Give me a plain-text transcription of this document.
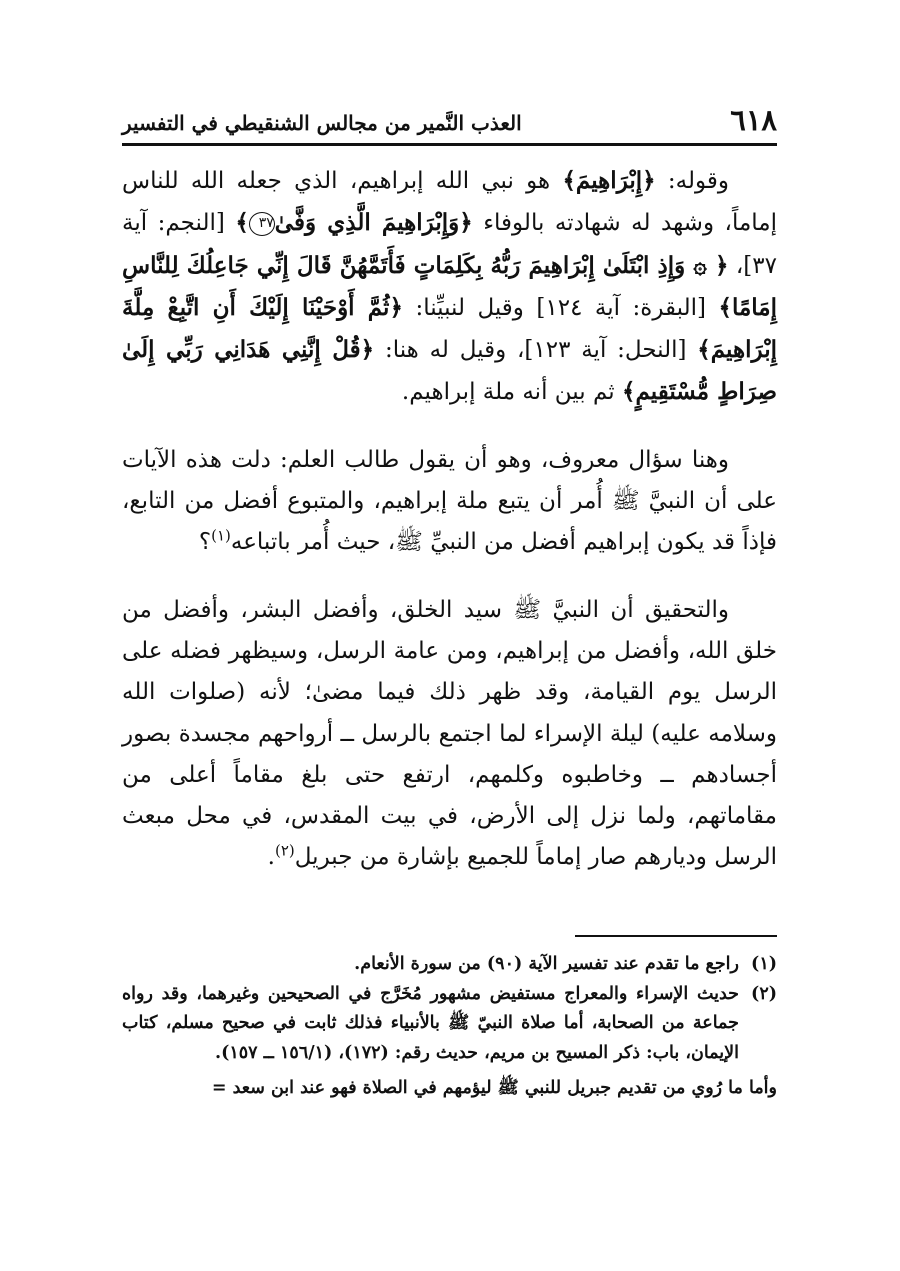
٦١٨
العذب النَّمير من مجالس الشنقيطي في التفسير

وقوله: ﴿إِبْرَاهِيمَ﴾ هو نبي الله إبراهيم، الذي جعله الله للناس إماماً، وشهد له شهادته بالوفاء ﴿وَإِبْرَاهِيمَ الَّذِي وَفَّىٰ٣٧﴾ [النجم: آية ٣٧]، ﴿ ۞ وَإِذِ ابْتَلَىٰ إِبْرَاهِيمَ رَبُّهُ بِكَلِمَاتٍ فَأَتَمَّهُنَّ قَالَ إِنِّي جَاعِلُكَ لِلنَّاسِ إِمَامًا﴾ [البقرة: آية ١٢٤] وقيل لنبيِّنا: ﴿ثُمَّ أَوْحَيْنَا إِلَيْكَ أَنِ اتَّبِعْ مِلَّةَ إِبْرَاهِيمَ﴾ [النحل: آية ١٢٣]، وقيل له هنا: ﴿قُلْ إِنَّنِي هَدَانِي رَبِّي إِلَىٰ صِرَاطٍ مُّسْتَقِيمٍ﴾ ثم بين أنه ملة إبراهيم.

وهنا سؤال معروف، وهو أن يقول طالب العلم: دلت هذه الآيات على أن النبيَّ ﷺ أُمر أن يتبع ملة إبراهيم، والمتبوع أفضل من التابع، فإذاً قد يكون إبراهيم أفضل من النبيِّ ﷺ، حيث أُمر باتباعه$^{(١)}$؟

والتحقيق أن النبيَّ ﷺ سيد الخلق، وأفضل البشر، وأفضل من خلق الله، وأفضل من إبراهيم، ومن عامة الرسل، وسيظهر فضله على الرسل يوم القيامة، وقد ظهر ذلك فيما مضىٰ؛ لأنه (صلوات الله وسلامه عليه) ليلة الإسراء لما اجتمع بالرسل ــ أرواحهم مجسدة بصور أجسادهم ــ وخاطبوه وكلمهم، ارتفع حتى بلغ مقاماً أعلى من مقاماتهم، ولما نزل إلى الأرض، في بيت المقدس، في محل مبعث الرسل وديارهم صار إماماً للجميع بإشارة من جبريل$^{(٢)}$.

(١)
راجع ما تقدم عند تفسير الآية (٩٠) من سورة الأنعام.

(٢)
حديث الإسراء والمعراج مستفيض مشهور مُخَرَّج في الصحيحين وغيرهما، وقد رواه جماعة من الصحابة، أما صلاة النبيّ ﷺ بالأنبياء فذلك ثابت في صحيح مسلم، كتاب الإيمان، باب: ذكر المسيح بن مريم، حديث رقم: (١٧٢)، (١٥٦/١ ــ ١٥٧).

وأما ما رُوي من تقديم جبريل للنبي ﷺ ليؤمهم في الصلاة فهو عند ابن سعد =
